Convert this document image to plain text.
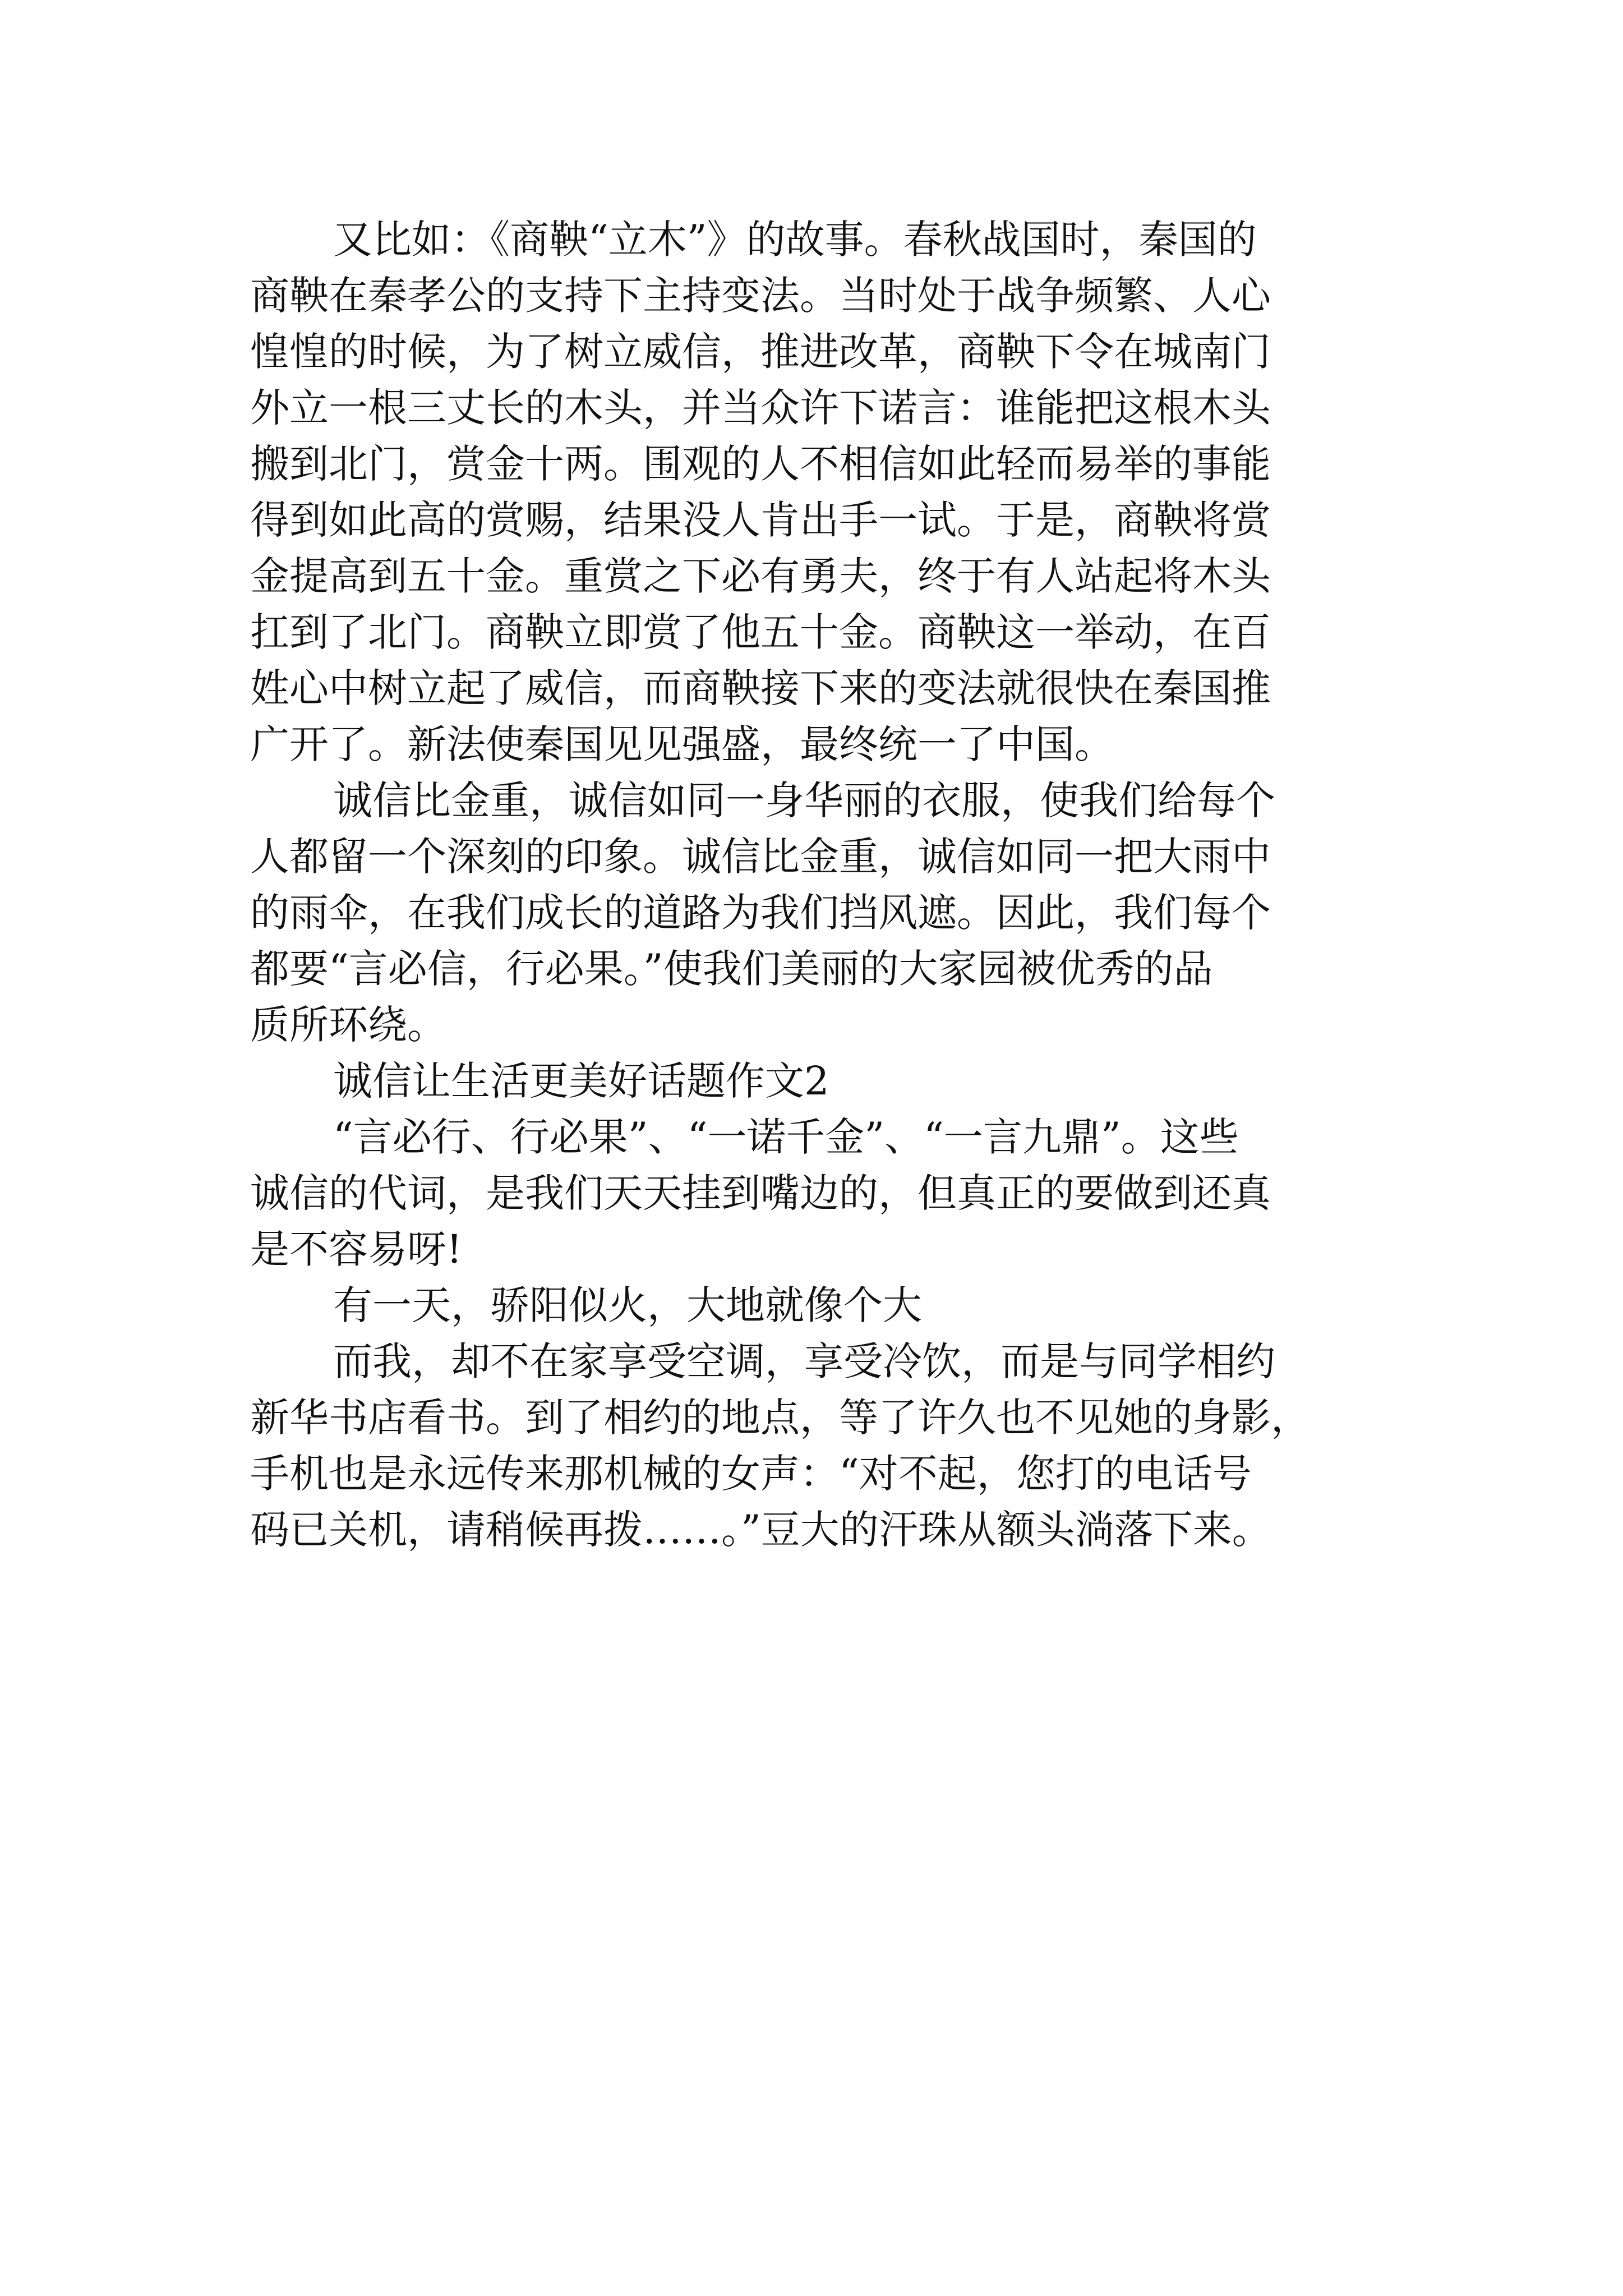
又比如：《商鞅“立木”》的故事。春秋战国时，秦国的

商鞅在秦孝公的支持下主持变法。当时处于战争频繁、人心

惶惶的时候，为了树立威信，推进改革，商鞅下令在城南门

外立一根三丈长的木头，并当众许下诺言：谁能把这根木头

搬到北门，赏金十两。围观的人不相信如此轻而易举的事能

得到如此高的赏赐，结果没人肯出手一试。于是，商鞅将赏

金提高到五十金。重赏之下必有勇夫，终于有人站起将木头

扛到了北门。商鞅立即赏了他五十金。商鞅这一举动，在百

姓心中树立起了威信，而商鞅接下来的变法就很快在秦国推

广开了。新法使秦国见见强盛，最终统一了中国。

诚信比金重，诚信如同一身华丽的衣服，使我们给每个

人都留一个深刻的印象。诚信比金重，诚信如同一把大雨中

的雨伞，在我们成长的道路为我们挡风遮。因此，我们每个

都要“言必信，行必果。”使我们美丽的大家园被优秀的品

质所环绕。

诚信让生活更美好话题作文2

“言必行、行必果”、“一诺千金”、“一言九鼎”。这些

诚信的代词，是我们天天挂到嘴边的，但真正的要做到还真

是不容易呀!

有一天，骄阳似火，大地就像个大

而我，却不在家享受空调，享受冷饮，而是与同学相约

新华书店看书。到了相约的地点，等了许久也不见她的身影，

手机也是永远传来那机械的女声：“对不起，您打的电话号

码已关机，请稍候再拨……。”豆大的汗珠从额头淌落下来。
